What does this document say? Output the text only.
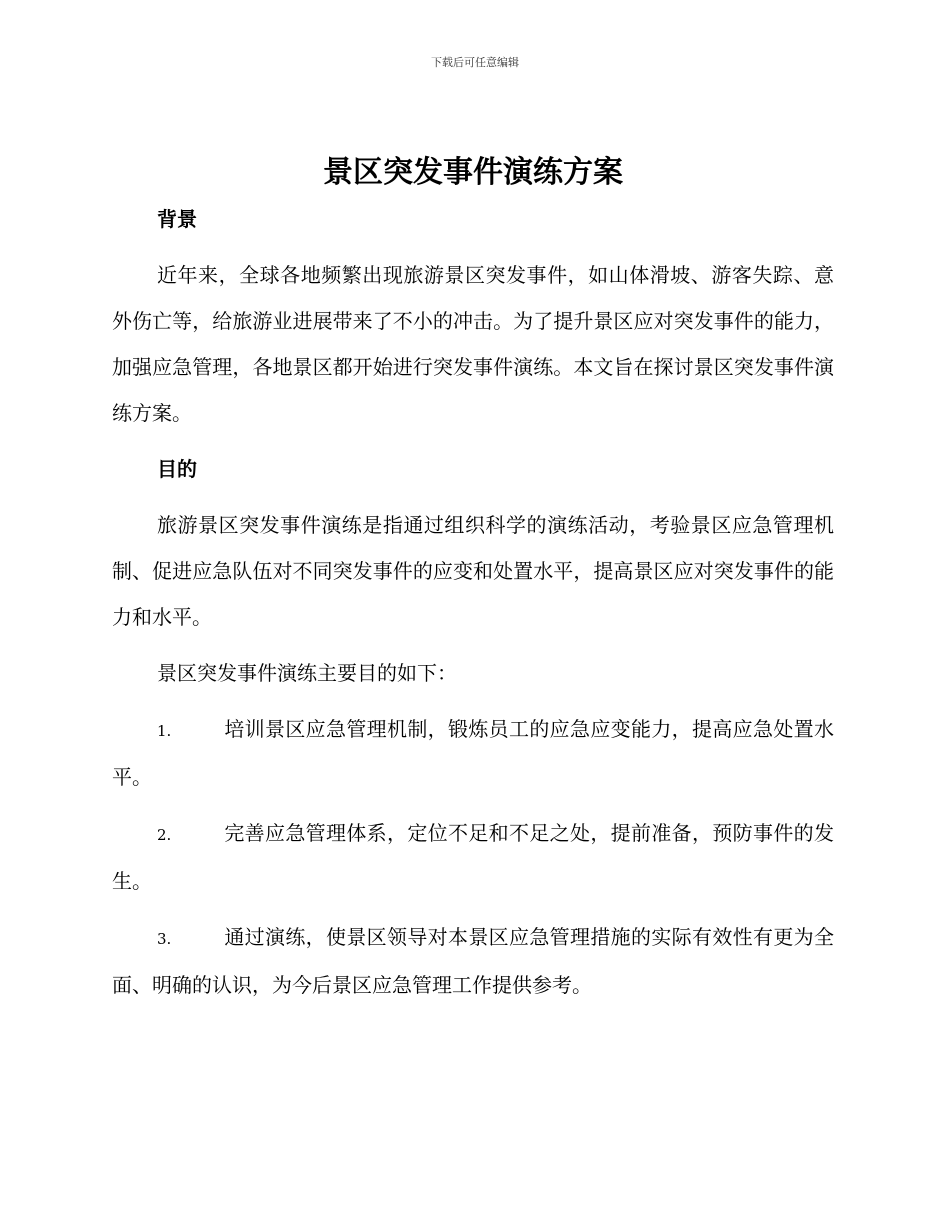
下载后可任意编辑
景区突发事件演练方案
背景

近年来，全球各地频繁出现旅游景区突发事件，如山体滑坡、游客失踪、意外伤亡等，给旅游业进展带来了不小的冲击。为了提升景区应对突发事件的能力，加强应急管理，各地景区都开始进行突发事件演练。本文旨在探讨景区突发事件演练方案。

目的

旅游景区突发事件演练是指通过组织科学的演练活动，考验景区应急管理机制、促进应急队伍对不同突发事件的应变和处置水平，提高景区应对突发事件的能力和水平。

景区突发事件演练主要目的如下：

1.	培训景区应急管理机制，锻炼员工的应急应变能力，提高应急处置水平。

2.	完善应急管理体系，定位不足和不足之处，提前准备，预防事件的发生。

3.	通过演练，使景区领导对本景区应急管理措施的实际有效性有更为全面、明确的认识，为今后景区应急管理工作提供参考。
